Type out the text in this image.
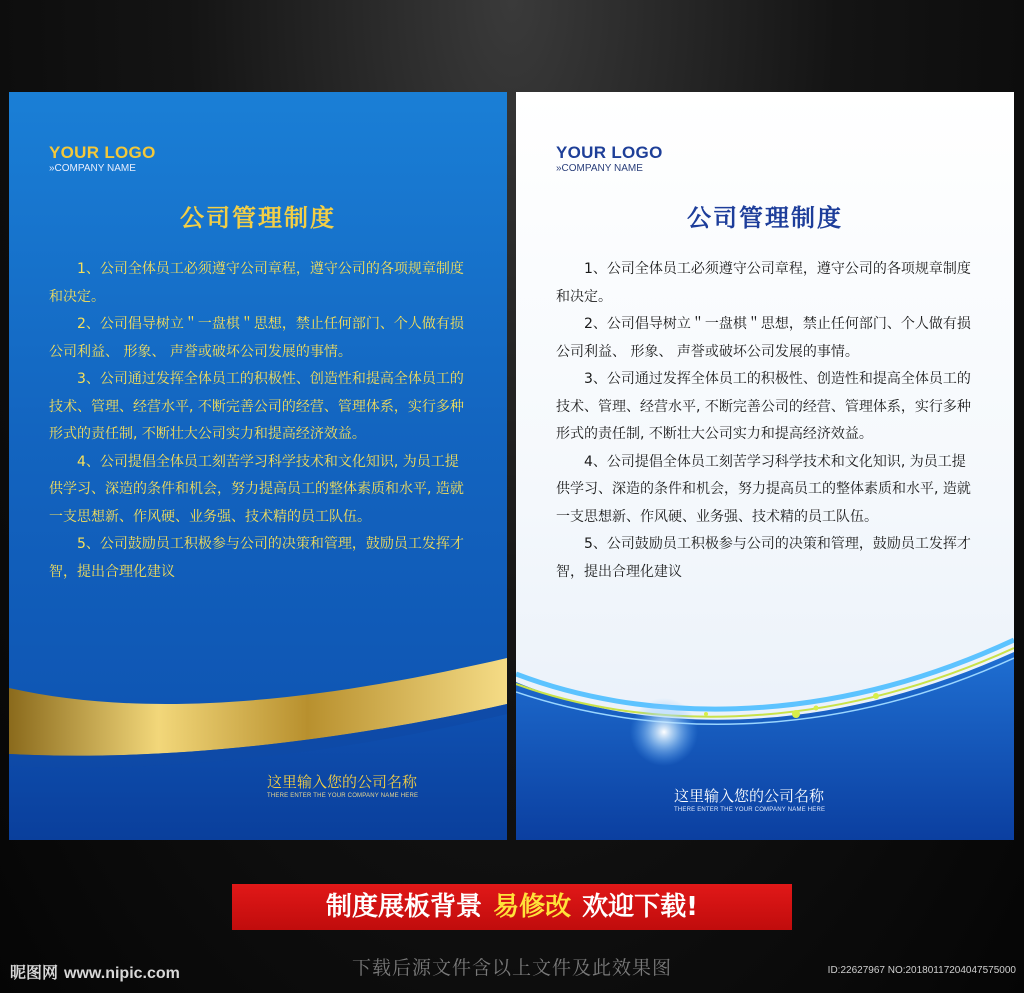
YOUR LOGO
»COMPANY NAME
公司管理制度

1、公司全体员工必须遵守公司章程，遵守公司的各项规章制度和决定。

2、公司倡导树立＂一盘棋＂思想，禁止任何部门、个人做有损公司利益、 形象、 声誉或破坏公司发展的事情。

3、公司通过发挥全体员工的积极性、创造性和提高全体员工的技术、管理、经营水平, 不断完善公司的经营、管理体系，实行多种形式的责任制, 不断壮大公司实力和提高经济效益。

4、公司提倡全体员工刻苦学习科学技术和文化知识, 为员工提供学习、深造的条件和机会，努力提高员工的整体素质和水平, 造就一支思想新、作风硬、业务强、技术精的员工队伍。

5、公司鼓励员工积极参与公司的决策和管理，鼓励员工发挥才智，提出合理化建议

这里输入您的公司名称
THERE ENTER THE YOUR COMPANY NAME HERE
YOUR LOGO
»COMPANY NAME
公司管理制度

1、公司全体员工必须遵守公司章程，遵守公司的各项规章制度和决定。

2、公司倡导树立＂一盘棋＂思想，禁止任何部门、个人做有损公司利益、 形象、 声誉或破坏公司发展的事情。

3、公司通过发挥全体员工的积极性、创造性和提高全体员工的技术、管理、经营水平, 不断完善公司的经营、管理体系，实行多种形式的责任制, 不断壮大公司实力和提高经济效益。

4、公司提倡全体员工刻苦学习科学技术和文化知识, 为员工提供学习、深造的条件和机会，努力提高员工的整体素质和水平, 造就一支思想新、作风硬、业务强、技术精的员工队伍。

5、公司鼓励员工积极参与公司的决策和管理，鼓励员工发挥才智，提出合理化建议

这里输入您的公司名称
THERE ENTER THE YOUR COMPANY NAME HERE
制度展板背景 易修改 欢迎下载!
下载后源文件含以上文件及此效果图
昵图网 www.nipic.com	ID:22627967 NO:20180117204047575000
